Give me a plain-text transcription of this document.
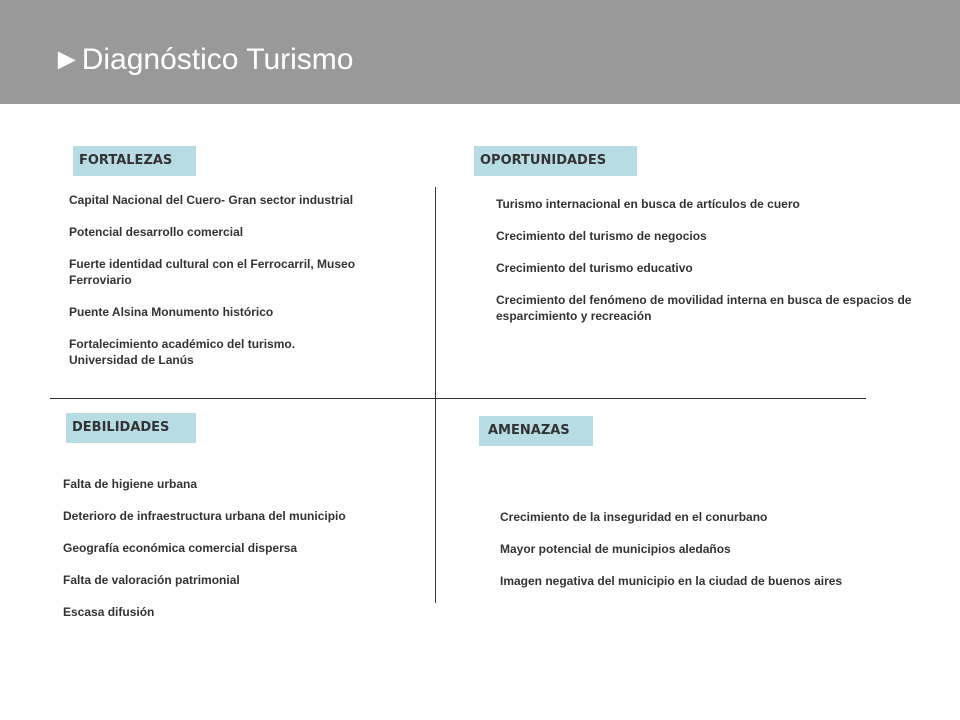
►Diagnóstico Turismo
FORTALEZAS
Capital Nacional del Cuero- Gran sector industrial
Potencial desarrollo comercial
Fuerte identidad cultural con el Ferrocarril, Museo Ferroviario
Puente Alsina Monumento histórico
Fortalecimiento académico del turismo. Universidad de Lanús
OPORTUNIDADES
Turismo internacional en busca de artículos de cuero
Crecimiento del turismo de negocios
Crecimiento del turismo educativo
Crecimiento del fenómeno de movilidad interna en busca de espacios de esparcimiento y recreación
DEBILIDADES
Falta de higiene urbana
Deterioro de infraestructura urbana del municipio
Geografía económica comercial dispersa
Falta de valoración patrimonial
Escasa difusión
AMENAZAS
Crecimiento de la inseguridad en el conurbano
Mayor potencial de municipios aledaños
Imagen negativa del municipio en la ciudad de buenos aires
